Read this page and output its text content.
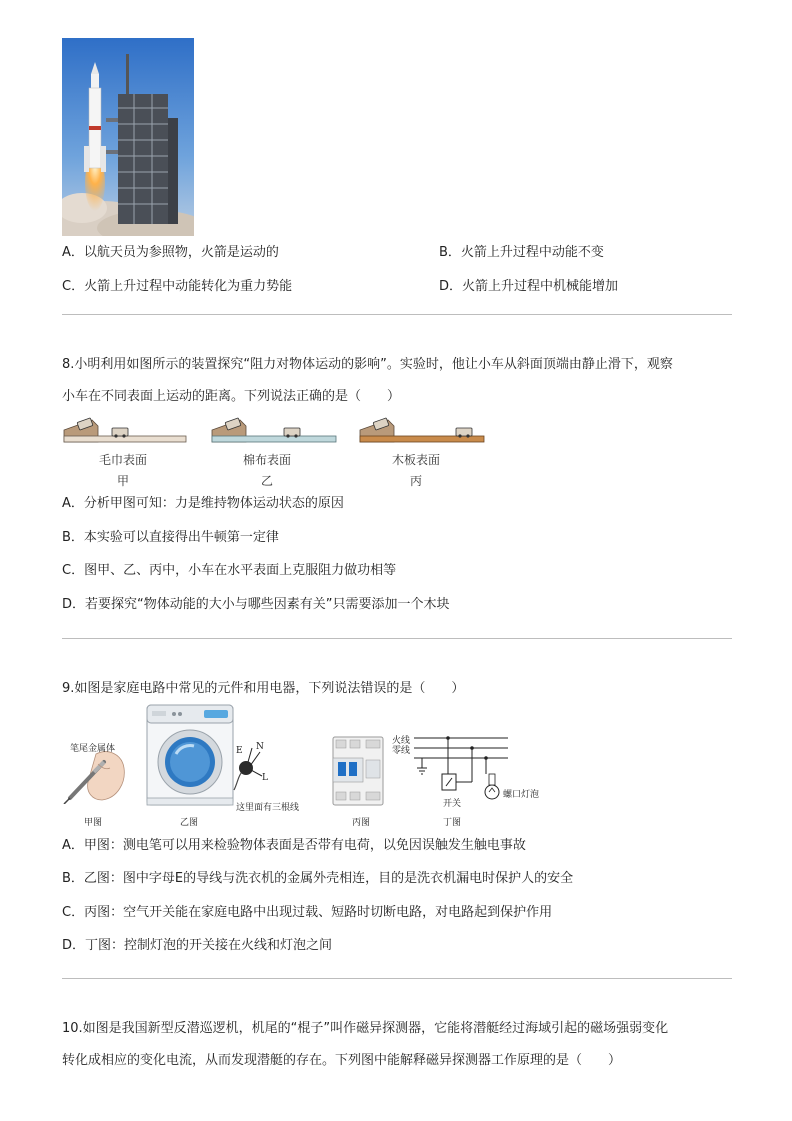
A．以航天员为参照物，火箭是运动的	B．火箭上升过程中动能不变
C．火箭上升过程中动能转化为重力势能	D．火箭上升过程中机械能增加
8.小明利用如图所示的装置探究“阻力对物体运动的影响”。实验时，他让小车从斜面顶端由静止滑下，观察
小车在不同表面上运动的距离。下列说法正确的是（　　）
毛巾表面
甲
棉布表面
乙
木板表面
丙
A．分析甲图可知：力是维持物体运动状态的原因
B．本实验可以直接得出牛顿第一定律
C．图甲、乙、丙中，小车在水平表面上克服阻力做功相等
D．若要探究“物体动能的大小与哪些因素有关”只需要添加一个木块
9.如图是家庭电路中常见的元件和用电器，下列说法错误的是（　　）
笔尾金属体
甲图
E N
L
这里面有三根线
乙图	丙图
火线
零线
开关
螺口灯泡
丁图
A．甲图：测电笔可以用来检验物体表面是否带有电荷，以免因误触发生触电事故
B．乙图：图中字母E的导线与洗衣机的金属外壳相连，目的是洗衣机漏电时保护人的安全
C．丙图：空气开关能在家庭电路中出现过载、短路时切断电路，对电路起到保护作用
D．丁图：控制灯泡的开关接在火线和灯泡之间
10.如图是我国新型反潜巡逻机，机尾的“棍子”叫作磁异探测器，它能将潜艇经过海域引起的磁场强弱变化
转化成相应的变化电流，从而发现潜艇的存在。下列图中能解释磁异探测器工作原理的是（　　）
